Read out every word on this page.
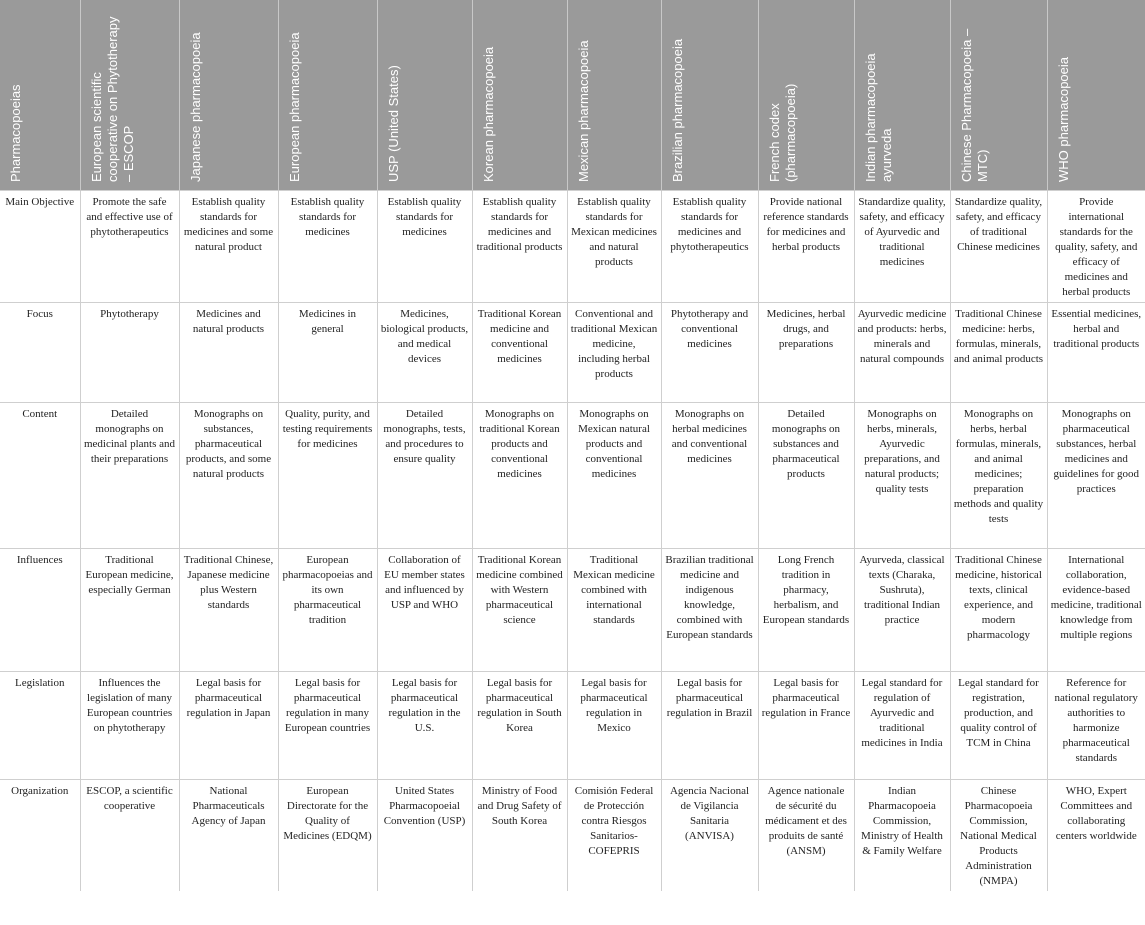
Pharmacopoeias	European scientific cooperative on Phytotherapy – ESCOP	Japanese pharmacopoeia	European pharmacopoeia	USP (United States)	Korean pharmacopoeia	Mexican pharmacopoeia	Brazilian pharmacopoeia	French codex (pharmacopoeia)	Indian pharmacopoeia ayurveda	Chinese Pharmacopoeia – MTC)	WHO pharmacopoeia

Main Objective	Promote the safe and effective use of phytotherapeutics	Establish quality standards for medicines and some natural product	Establish quality standards for medicines	Establish quality standards for medicines	Establish quality standards for medicines and traditional products	Establish quality standards for Mexican medicines and natural products	Establish quality standards for medicines and phytotherapeutics	Provide national reference standards for medicines and herbal products	Standardize quality, safety, and efficacy of Ayurvedic and traditional medicines	Standardize quality, safety, and efficacy of traditional Chinese medicines	Provide international standards for the quality, safety, and efficacy of medicines and herbal products
Focus	Phytotherapy	Medicines and natural products	Medicines in general	Medicines, biological products, and medical devices	Traditional Korean medicine and conventional medicines	Conventional and traditional Mexican medicine, including herbal products	Phytotherapy and conventional medicines	Medicines, herbal drugs, and preparations	Ayurvedic medicine and products: herbs, minerals and natural compounds	Traditional Chinese medicine: herbs, formulas, minerals, and animal products	Essential medicines, herbal and traditional products
Content	Detailed monographs on medicinal plants and their preparations	Monographs on substances, pharmaceutical products, and some natural products	Quality, purity, and testing requirements for medicines	Detailed monographs, tests, and procedures to ensure quality	Monographs on traditional Korean products and conventional medicines	Monographs on Mexican natural products and conventional medicines	Monographs on herbal medicines and conventional medicines	Detailed monographs on substances and pharmaceutical products	Monographs on herbs, minerals, Ayurvedic preparations, and natural products; quality tests	Monographs on herbs, herbal formulas, minerals, and animal medicines; preparation methods and quality tests	Monographs on pharmaceutical substances, herbal medicines and guidelines for good practices
Influences	Traditional European medicine, especially German	Traditional Chinese, Japanese medicine plus Western standards	European pharmacopoeias and its own pharmaceutical tradition	Collaboration of EU member states and influenced by USP and WHO	Traditional Korean medicine combined with Western pharmaceutical science	Traditional Mexican medicine combined with international standards	Brazilian traditional medicine and indigenous knowledge, combined with European standards	Long French tradition in pharmacy, herbalism, and European standards	Ayurveda, classical texts (Charaka, Sushruta), traditional Indian practice	Traditional Chinese medicine, historical texts, clinical experience, and modern pharmacology	International collaboration, evidence-based medicine, traditional knowledge from multiple regions
Legislation	Influences the legislation of many European countries on phytotherapy	Legal basis for pharmaceutical regulation in Japan	Legal basis for pharmaceutical regulation in many European countries	Legal basis for pharmaceutical regulation in the U.S.	Legal basis for pharmaceutical regulation in South Korea	Legal basis for pharmaceutical regulation in Mexico	Legal basis for pharmaceutical regulation in Brazil	Legal basis for pharmaceutical regulation in France	Legal standard for regulation of Ayurvedic and traditional medicines in India	Legal standard for registration, production, and quality control of TCM in China	Reference for national regulatory authorities to harmonize pharmaceutical standards
Organization	ESCOP, a scientific cooperative	National Pharmaceuticals Agency of Japan	European Directorate for the Quality of Medicines (EDQM)	United States Pharmacopoeial Convention (USP)	Ministry of Food and Drug Safety of South Korea	Comisión Federal de Protección contra Riesgos Sanitarios-COFEPRIS	Agencia Nacional de Vigilancia Sanitaria (ANVISA)	Agence nationale de sécurité du médicament et des produits de santé (ANSM)	Indian Pharmacopoeia Commission, Ministry of Health & Family Welfare	Chinese Pharmacopoeia Commission, National Medical Products Administration (NMPA)	WHO, Expert Committees and collaborating centers worldwide
